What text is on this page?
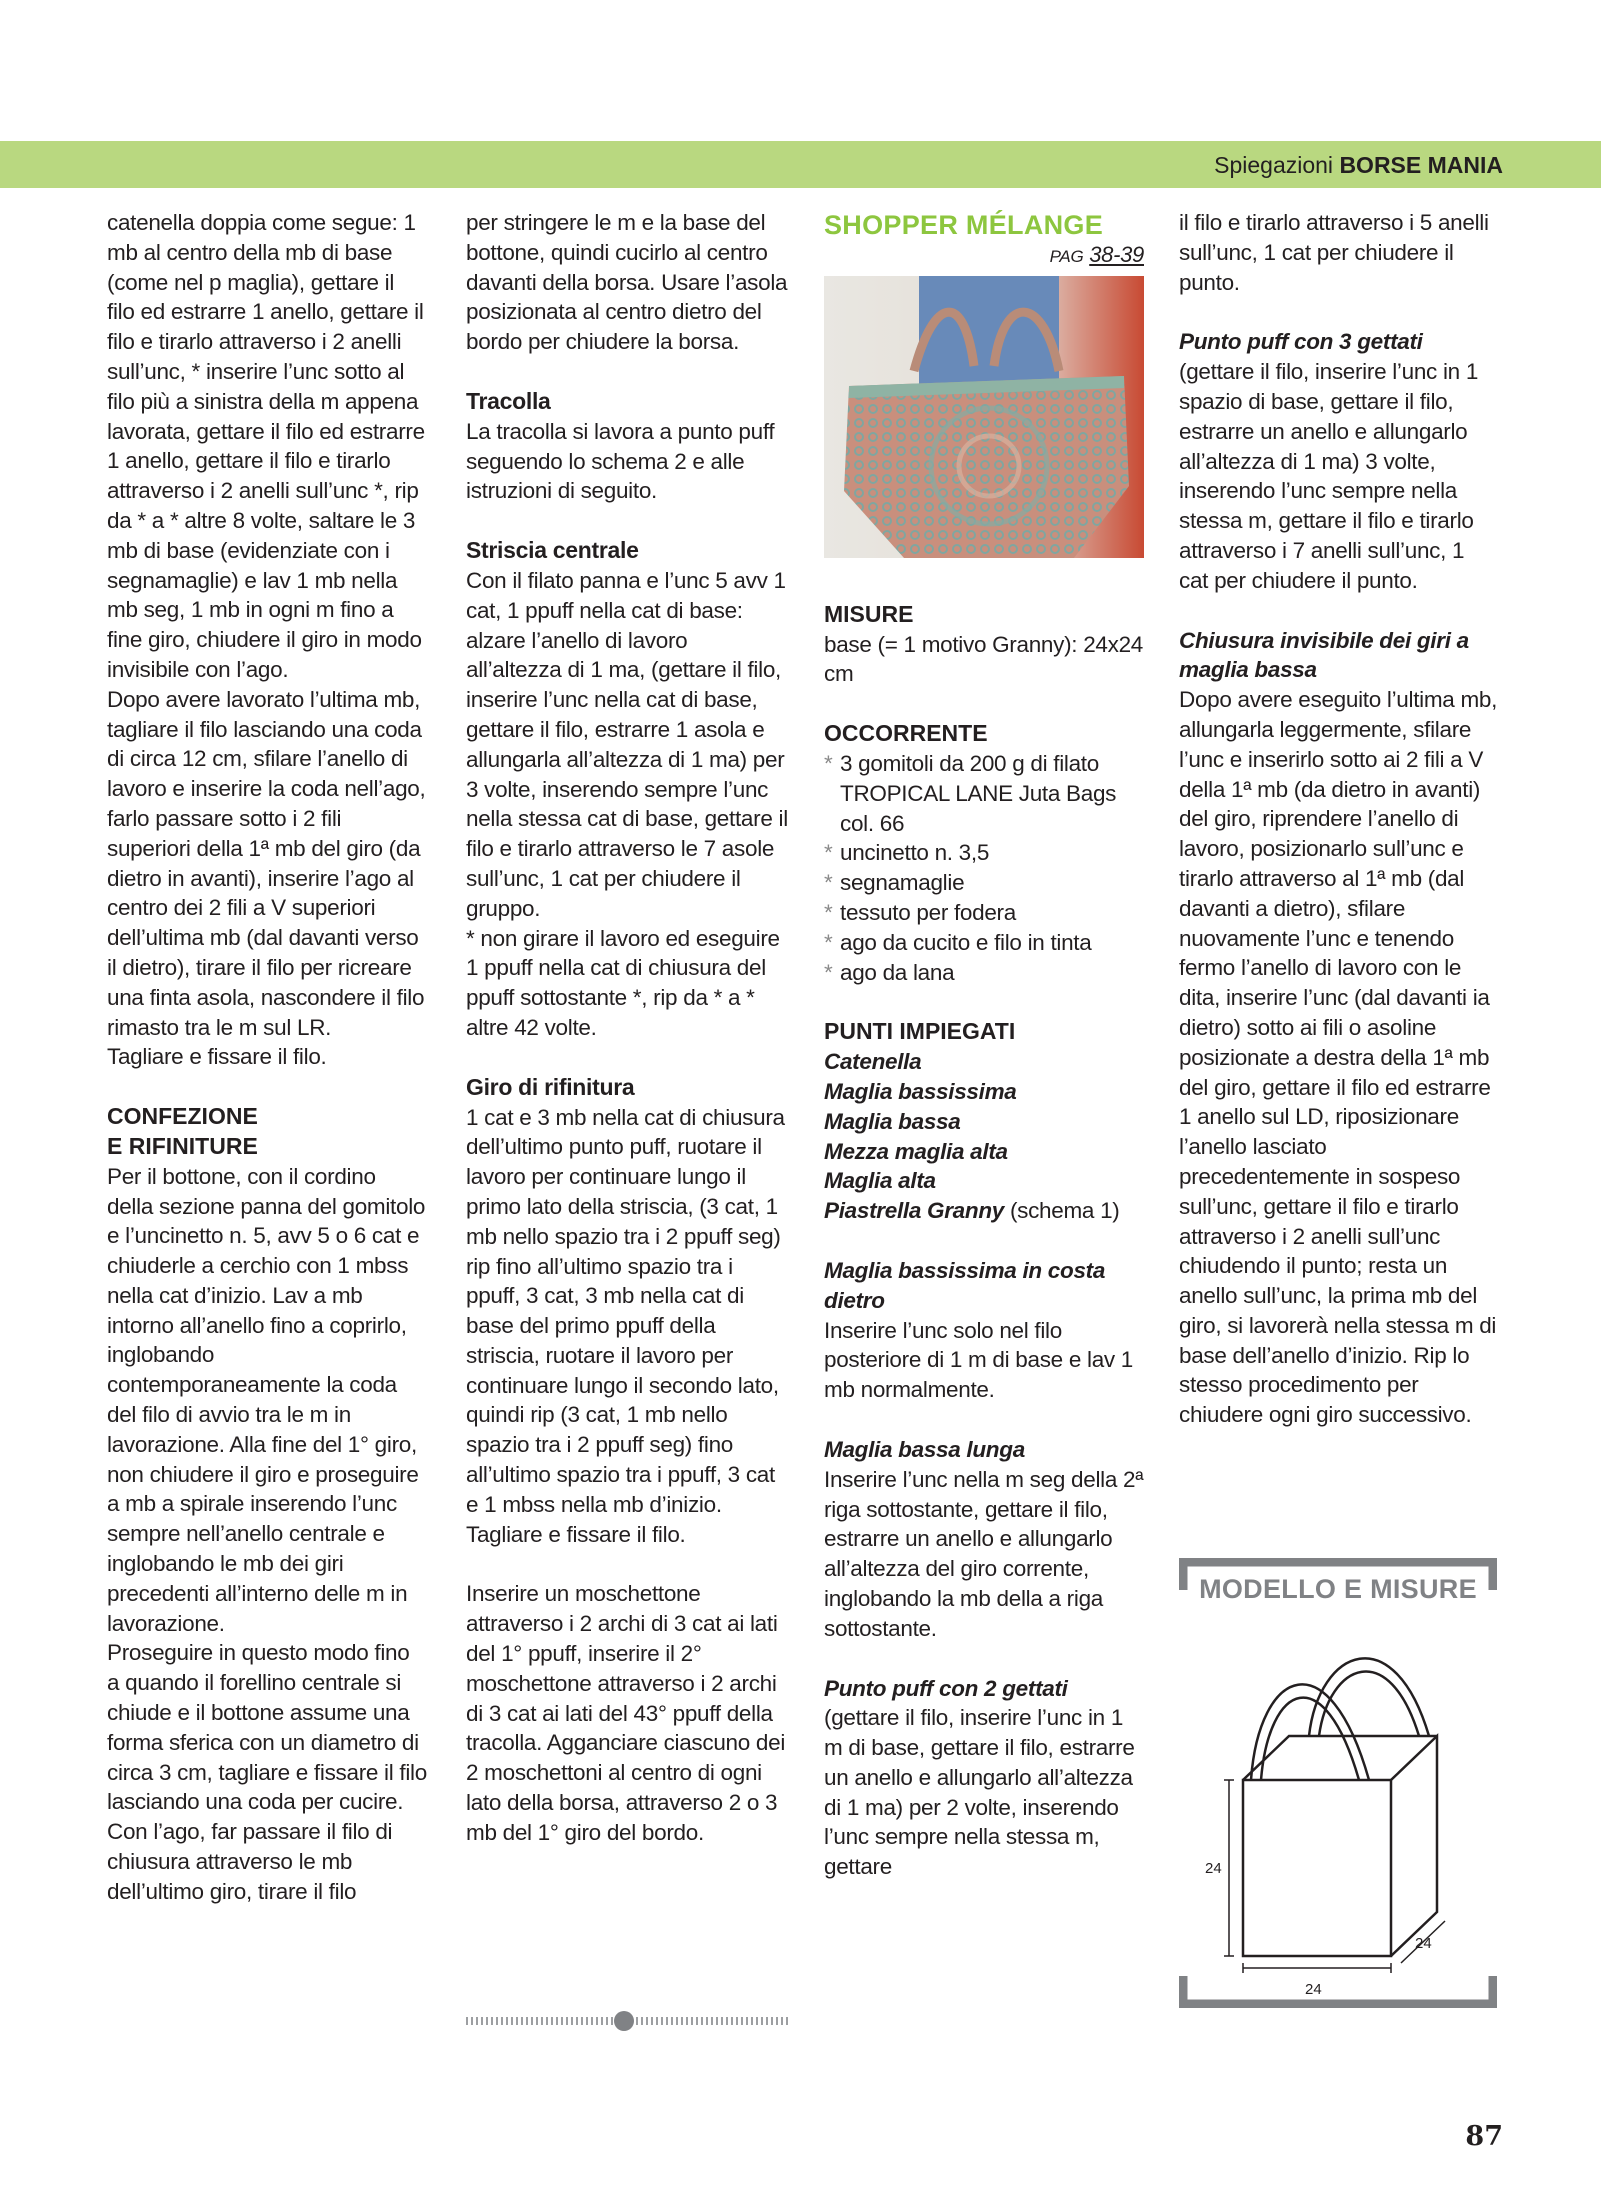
Spiegazioni BORSE MANIA

catenella doppia come segue: 1 mb al centro della mb di base (come nel p maglia), gettare il filo ed estrarre 1 anello, gettare il filo e tirarlo attraverso i 2 anelli sull’unc, * inserire l’unc sotto al filo più a sinistra della m appena lavorata, gettare il filo ed estrarre 1 anello, gettare il filo e tirarlo attraverso i 2 anelli sull’unc *, rip da * a * altre 8 volte, saltare le 3 mb di base (evidenziate con i segnamaglie) e lav 1 mb nella mb seg, 1 mb in ogni m fino a fine giro, chiudere il giro in modo invisibile con l’ago.

Dopo avere lavorato l’ultima mb, tagliare il filo lasciando una coda di circa 12 cm, sfilare l’anello di lavoro e inserire la coda nell’ago, farlo passare sotto i 2 fili superiori della 1ª mb del giro (da dietro in avanti), inserire l’ago al centro dei 2 fili a V superiori dell’ultima mb (dal davanti verso il dietro), tirare il filo per ricreare una finta asola, nascondere il filo rimasto tra le m sul LR.

Tagliare e fissare il filo.

CONFEZIONE
E RIFINITURE

Per il bottone, con il cordino della sezione panna del gomitolo e l’uncinetto n. 5, avv 5 o 6 cat e chiuderle a cerchio con 1 mbss nella cat d’inizio. Lav a mb intorno all’anello fino a coprirlo, inglobando contemporaneamente la coda del filo di avvio tra le m in lavorazione. Alla fine del 1° giro, non chiudere il giro e proseguire a mb a spirale inserendo l’unc sempre nell’anello centrale e inglobando le mb dei giri precedenti all’interno delle m in lavorazione.

Proseguire in questo modo fino a quando il forellino centrale si chiude e il bottone assume una forma sferica con un diametro di circa 3 cm, tagliare e fissare il filo lasciando una coda per cucire. Con l’ago, far passare il filo di chiusura attraverso le mb dell’ultimo giro, tirare il filo

per stringere le m e la base del bottone, quindi cucirlo al centro davanti della borsa. Usare l’asola posizionata al centro dietro del bordo per chiudere la borsa.

Tracolla

La tracolla si lavora a punto puff seguendo lo schema 2 e alle istruzioni di seguito.

Striscia centrale

Con il filato panna e l’unc 5 avv 1 cat, 1 ppuff nella cat di base: alzare l’anello di lavoro all’altezza di 1 ma, (gettare il filo, inserire l’unc nella cat di base, gettare il filo, estrarre 1 asola e allungarla all’altezza di 1 ma) per 3 volte, inserendo sempre l’unc nella stessa cat di base, gettare il filo e tirarlo attraverso le 7 asole sull’unc, 1 cat per chiudere il gruppo.

* non girare il lavoro ed eseguire 1 ppuff nella cat di chiusura del ppuff sottostante *, rip da * a * altre 42 volte.

Giro di rifinitura

1 cat e 3 mb nella cat di chiusura dell’ultimo punto puff, ruotare il lavoro per continuare lungo il primo lato della striscia, (3 cat, 1 mb nello spazio tra i 2 ppuff seg) rip fino all’ultimo spazio tra i ppuff, 3 cat, 3 mb nella cat di base del primo ppuff della striscia, ruotare il lavoro per continuare lungo il secondo lato, quindi rip (3 cat, 1 mb nello spazio tra i 2 ppuff seg) fino all’ultimo spazio tra i ppuff, 3 cat e 1 mbss nella mb d’inizio.

Tagliare e fissare il filo.

Inserire un moschettone attraverso i 2 archi di 3 cat ai lati del 1° ppuff, inserire il 2° moschettone attraverso i 2 archi di 3 cat ai lati del 43° ppuff della tracolla. Agganciare ciascuno dei 2 moschettoni al centro di ogni lato della borsa, attraverso 2 o 3 mb del 1° giro del bordo.

SHOPPER MÉLANGE

PAG 38-39

MISURE

base (= 1 motivo Granny): 24x24 cm

OCCORRENTE
* 3 gomitoli da 200 g di filato TROPICAL LANE Juta Bags col. 66
* uncinetto n. 3,5
* segnamaglie
* tessuto per fodera
* ago da cucito e filo in tinta
* ago da lana
PUNTI IMPIEGATI

Catenella

Maglia bassissima

Maglia bassa

Mezza maglia alta

Maglia alta

Piastrella Granny (schema 1)

Maglia bassissima in costa dietro

Inserire l’unc solo nel filo posteriore di 1 m di base e lav 1 mb normalmente.

Maglia bassa lunga

Inserire l’unc nella m seg della 2ª riga sottostante, gettare il filo, estrarre un anello e allungarlo all’altezza del giro corrente, inglobando la mb della a riga sottostante.

Punto puff con 2 gettati

(gettare il filo, inserire l’unc in 1 m di base, gettare il filo, estrarre un anello e allungarlo all’altezza di 1 ma) per 2 volte, inserendo l’unc sempre nella stessa m, gettare

il filo e tirarlo attraverso i 5 anelli sull’unc, 1 cat per chiudere il punto.

Punto puff con 3 gettati

(gettare il filo, inserire l’unc in 1 spazio di base, gettare il filo, estrarre un anello e allungarlo all’altezza di 1 ma) 3 volte, inserendo l’unc sempre nella stessa m, gettare il filo e tirarlo attraverso i 7 anelli sull’unc, 1 cat per chiudere il punto.

Chiusura invisibile dei giri a maglia bassa

Dopo avere eseguito l’ultima mb, allungarla leggermente, sfilare l’unc e inserirlo sotto ai 2 fili a V della 1ª mb (da dietro in avanti) del giro, riprendere l’anello di lavoro, posizionarlo sull’unc e tirarlo attraverso al 1ª mb (dal davanti a dietro), sfilare nuovamente l’unc e tenendo fermo l’anello di lavoro con le dita, inserire l’unc (dal davanti ia dietro) sotto ai fili o asoline posizionate a destra della 1ª mb del giro, gettare il filo ed estrarre 1 anello sul LD, riposizionare l’anello lasciato precedentemente in sospeso sull’unc, gettare il filo e tirarlo attraverso i 2 anelli sull’unc chiudendo il punto; resta un anello sull’unc, la prima mb del giro, si lavorerà nella stessa m di base dell’anello d’inizio. Rip lo stesso procedimento per chiudere ogni giro successivo.

24
24
24
MODELLO E MISURE
87
